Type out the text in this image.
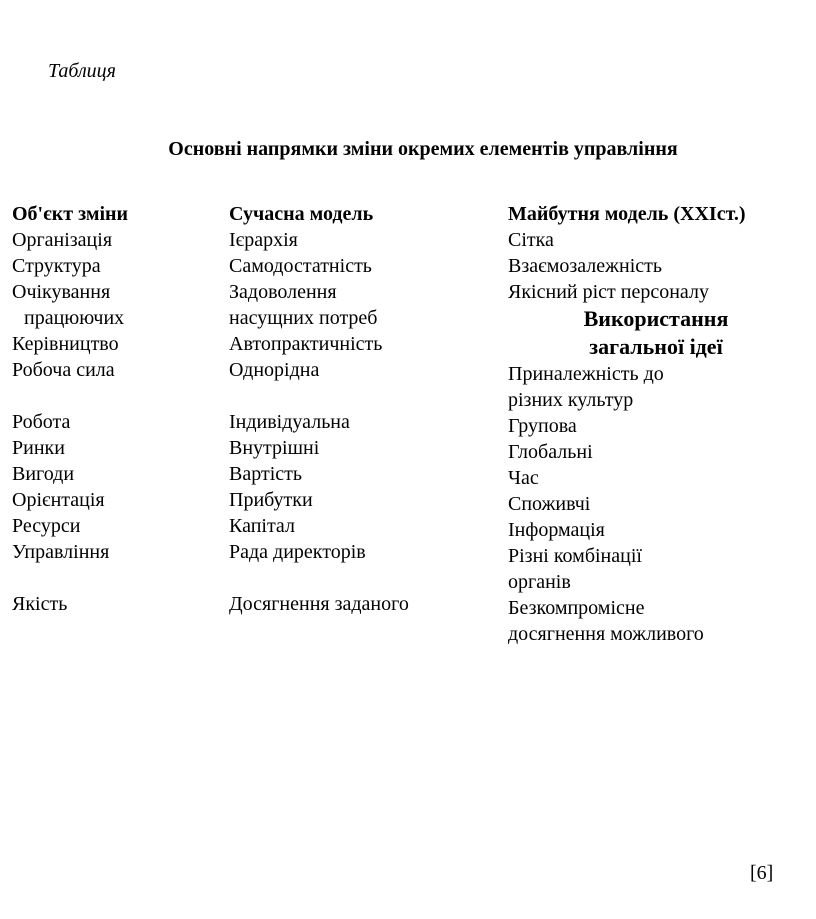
Таблиця
Основні напрямки зміни окремих елементів управління
Об'єкт зміни
Організація
Структура
Очікування
працюючих
Керівництво
Робоча сила
Робота
Ринки
Вигоди
Орієнтація
Ресурси
Управління
Якість
Сучасна модель
Ієрархія
Самодостатність
Задоволення
насущних потреб
Автопрактичність
Однорідна
Індивідуальна
Внутрішні
Вартість
Прибутки
Капітал
Рада директорів
Досягнення заданого
Майбутня модель (ХХІст.)
Сітка
Взаємозалежність
Якісний ріст персоналу
Використання
загальної ідеї
Приналежність до
різних культур
Групова
Глобальні
Час
Споживчі
Інформація
Різні комбінації
органів
Безкомпромісне
досягнення можливого
[6]
